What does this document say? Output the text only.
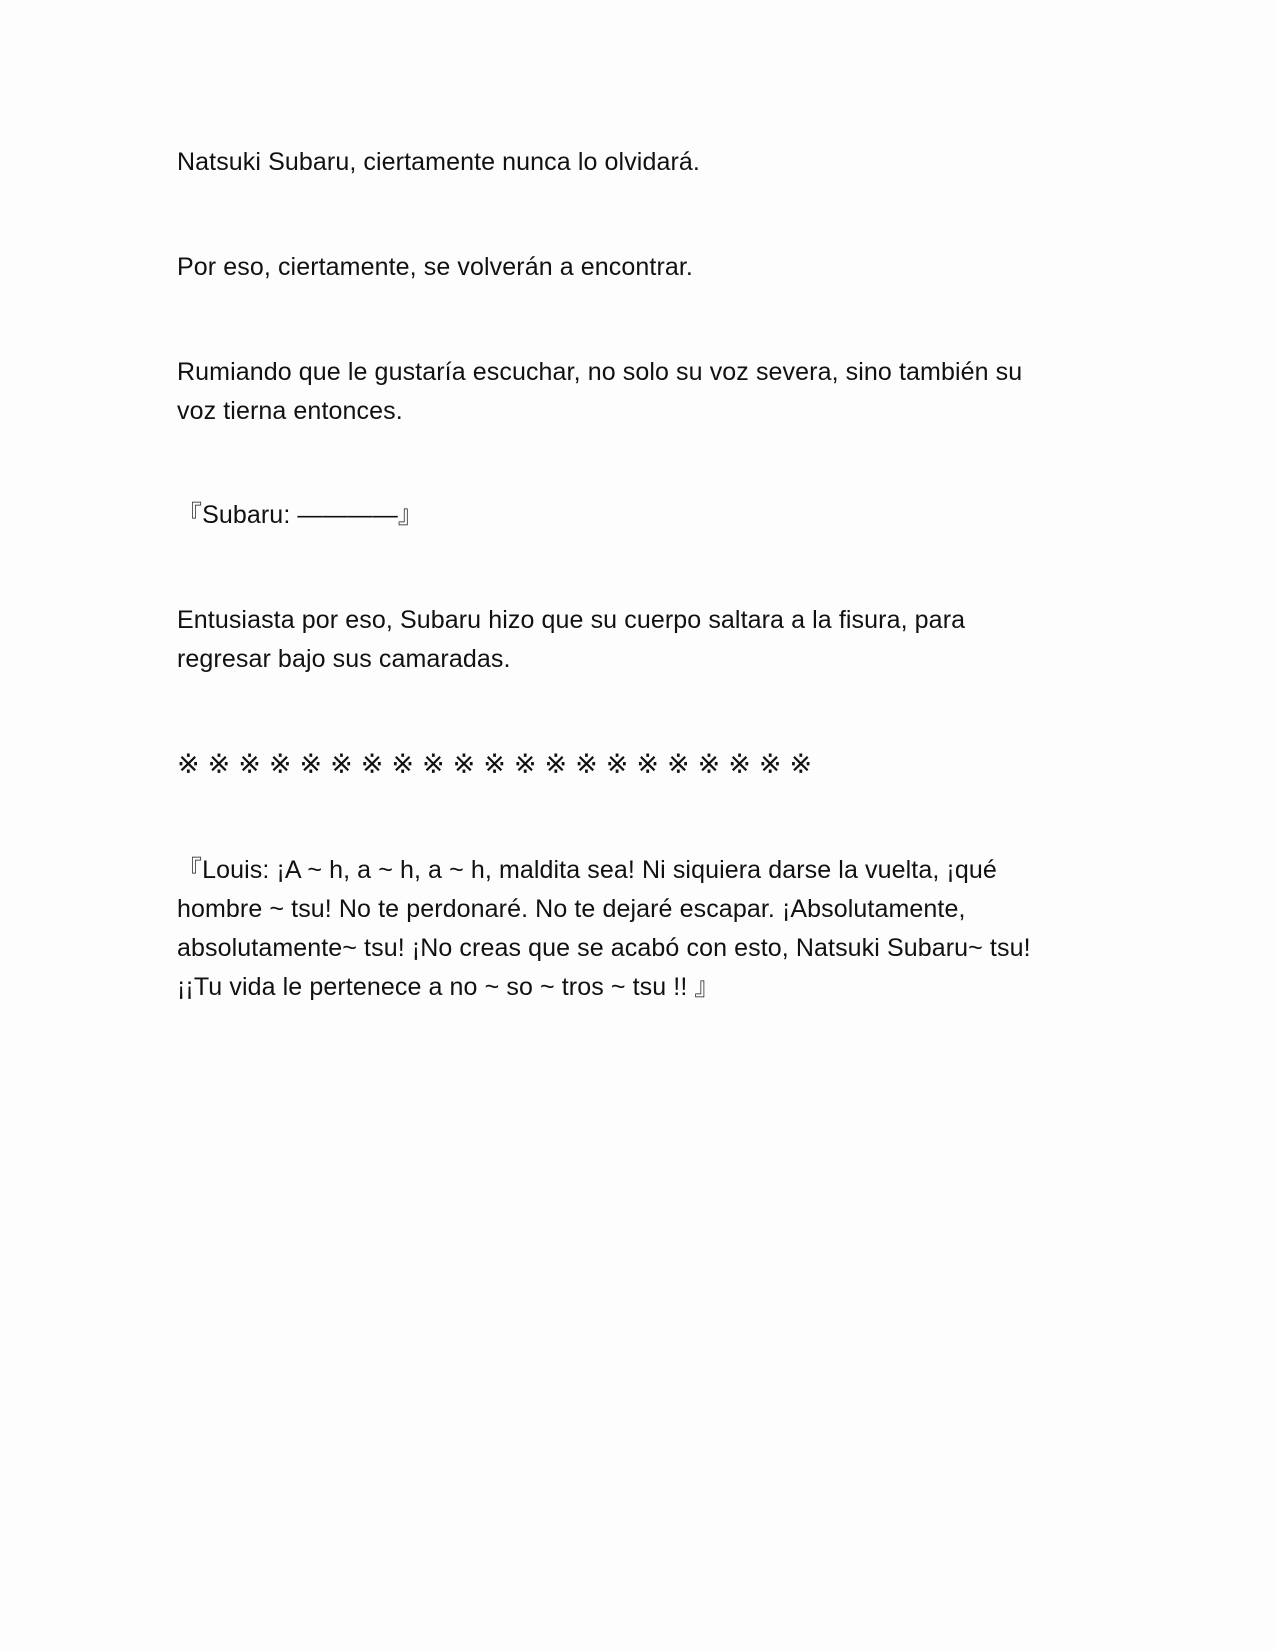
Natsuki Subaru, ciertamente nunca lo olvidará.

Por eso, ciertamente, se volverán a encontrar.

Rumiando que le gustaría escuchar, no solo su voz severa, sino también su
voz tierna entonces.

『Subaru: ————』

Entusiasta por eso, Subaru hizo que su cuerpo saltara a la fisura, para
regresar bajo sus camaradas.

※※※※※※※※※※※※※※※※※※※※※

『Louis: ¡A ~ h, a ~ h, a ~ h, maldita sea! Ni siquiera darse la vuelta, ¡qué
hombre ~ tsu! No te perdonaré. No te dejaré escapar. ¡Absolutamente,
absolutamente~ tsu! ¡No creas que se acabó con esto, Natsuki Subaru~ tsu!
¡¡Tu vida le pertenece a no ~ so ~ tros ~ tsu !! 』
